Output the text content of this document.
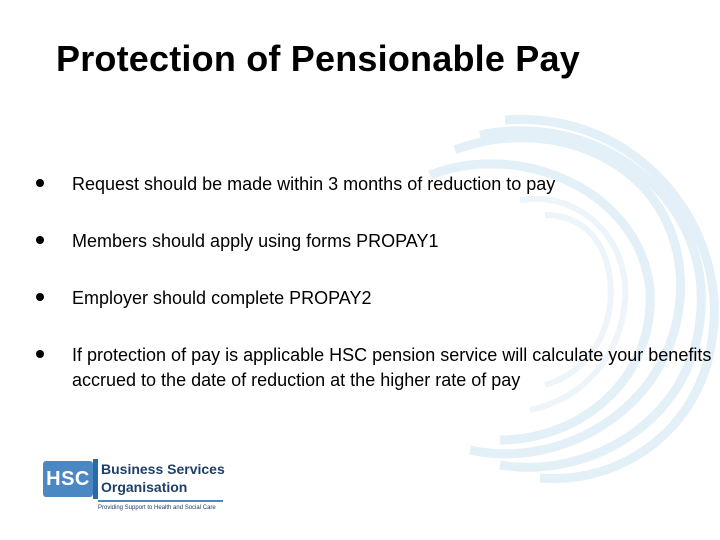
Protection of Pensionable Pay
Request should be made within 3 months of reduction to pay
Members should apply using forms PROPAY1
Employer should complete PROPAY2
If protection of pay is applicable HSC pension service will calculate your benefits accrued to the date of reduction at the higher rate of pay
HSC Business Services
Organisation
Providing Support to Health and Social Care
